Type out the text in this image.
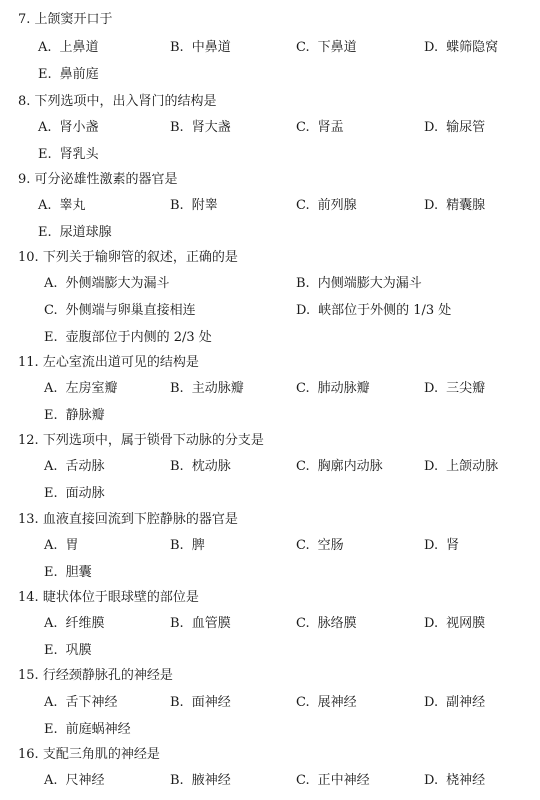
7. 上颌窦开口于
A. 上鼻道	B. 中鼻道	C. 下鼻道	D. 蝶筛隐窝
E. 鼻前庭
8. 下列选项中，出入肾门的结构是
A. 肾小盏	B. 肾大盏	C. 肾盂	D. 输尿管
E. 肾乳头
9. 可分泌雄性激素的器官是
A. 睾丸	B. 附睾	C. 前列腺	D. 精囊腺
E. 尿道球腺
10. 下列关于输卵管的叙述，正确的是
A. 外侧端膨大为漏斗	B. 内侧端膨大为漏斗
C. 外侧端与卵巢直接相连	D. 峡部位于外侧的 1/3 处
E. 壶腹部位于内侧的 2/3 处
11. 左心室流出道可见的结构是
A. 左房室瓣	B. 主动脉瓣	C. 肺动脉瓣	D. 三尖瓣
E. 静脉瓣
12. 下列选项中，属于锁骨下动脉的分支是
A. 舌动脉	B. 枕动脉	C. 胸廓内动脉	D. 上颌动脉
E. 面动脉
13. 血液直接回流到下腔静脉的器官是
A. 胃	B. 脾	C. 空肠	D. 肾
E. 胆囊
14. 睫状体位于眼球壁的部位是
A. 纤维膜	B. 血管膜	C. 脉络膜	D. 视网膜
E. 巩膜
15. 行经颈静脉孔的神经是
A. 舌下神经	B. 面神经	C. 展神经	D. 副神经
E. 前庭蜗神经
16. 支配三角肌的神经是
A. 尺神经	B. 腋神经	C. 正中神经	D. 桡神经
